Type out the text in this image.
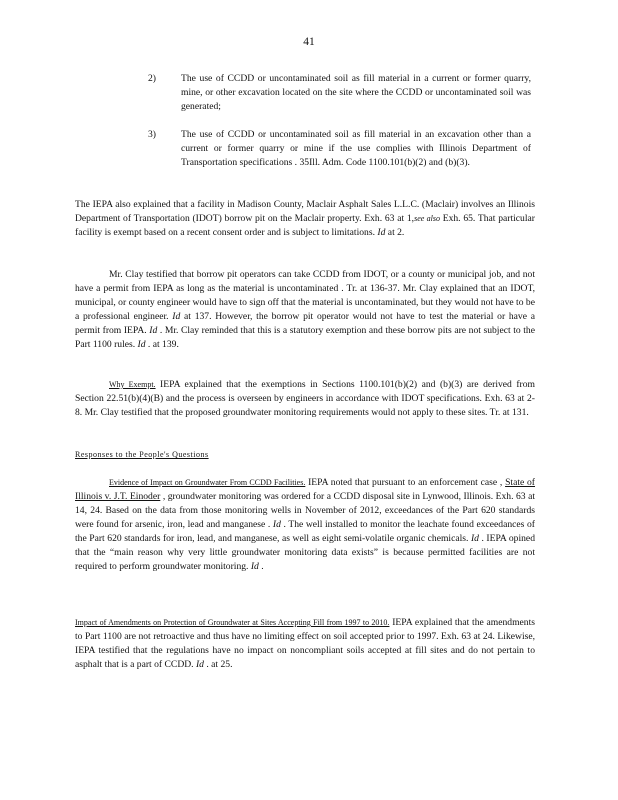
41
2)	The use of CCDD or uncontaminated soil as fill material in a current or former quarry, mine, or other excavation located on the site where the CCDD or uncontaminated soil was generated;
3)	The use of CCDD or uncontaminated soil as fill material in an excavation other than a current or former quarry or mine if the use complies with Illinois Department of Transportation specifications . 35Ill. Adm. Code 1100.101(b)(2) and (b)(3).
The IEPA also explained that a facility in Madison County, Maclair Asphalt Sales L.L.C. (Maclair) involves an Illinois Department of Transportation (IDOT) borrow pit on the Maclair property. Exh. 63 at 1,see also Exh. 65. That particular facility is exempt based on a recent consent order and is subject to limitations. Id at 2.
Mr. Clay testified that borrow pit operators can take CCDD from IDOT, or a county or municipal job, and not have a permit from IEPA as long as the material is uncontaminated . Tr. at 136-37. Mr. Clay explained that an IDOT, municipal, or county engineer would have to sign off that the material is uncontaminated, but they would not have to be a professional engineer. Id at 137. However, the borrow pit operator would not have to test the material or have a permit from IEPA. Id . Mr. Clay reminded that this is a statutory exemption and these borrow pits are not subject to the Part 1100 rules. Id . at 139.
Why Exempt. IEPA explained that the exemptions in Sections 1100.101(b)(2) and (b)(3) are derived from Section 22.51(b)(4)(B) and the process is overseen by engineers in accordance with IDOT specifications. Exh. 63 at 2-8. Mr. Clay testified that the proposed groundwater monitoring requirements would not apply to these sites. Tr. at 131.
Responses to the People's Questions
Evidence of Impact on Groundwater From CCDD Facilities. IEPA noted that pursuant to an enforcement case , State of Illinois v. J.T. Einoder , groundwater monitoring was ordered for a CCDD disposal site in Lynwood, Illinois. Exh. 63 at 14, 24. Based on the data from those monitoring wells in November of 2012, exceedances of the Part 620 standards were found for arsenic, iron, lead and manganese . Id . The well installed to monitor the leachate found exceedances of the Part 620 standards for iron, lead, and manganese, as well as eight semi-volatile organic chemicals. Id . IEPA opined that the “main reason why very little groundwater monitoring data exists” is because permitted facilities are not required to perform groundwater monitoring. Id .
Impact of Amendments on Protection of Groundwater at Sites Accepting Fill from 1997 to 2010. IEPA explained that the amendments to Part 1100 are not retroactive and thus have no limiting effect on soil accepted prior to 1997. Exh. 63 at 24. Likewise, IEPA testified that the regulations have no impact on noncompliant soils accepted at fill sites and do not pertain to asphalt that is a part of CCDD. Id . at 25.
